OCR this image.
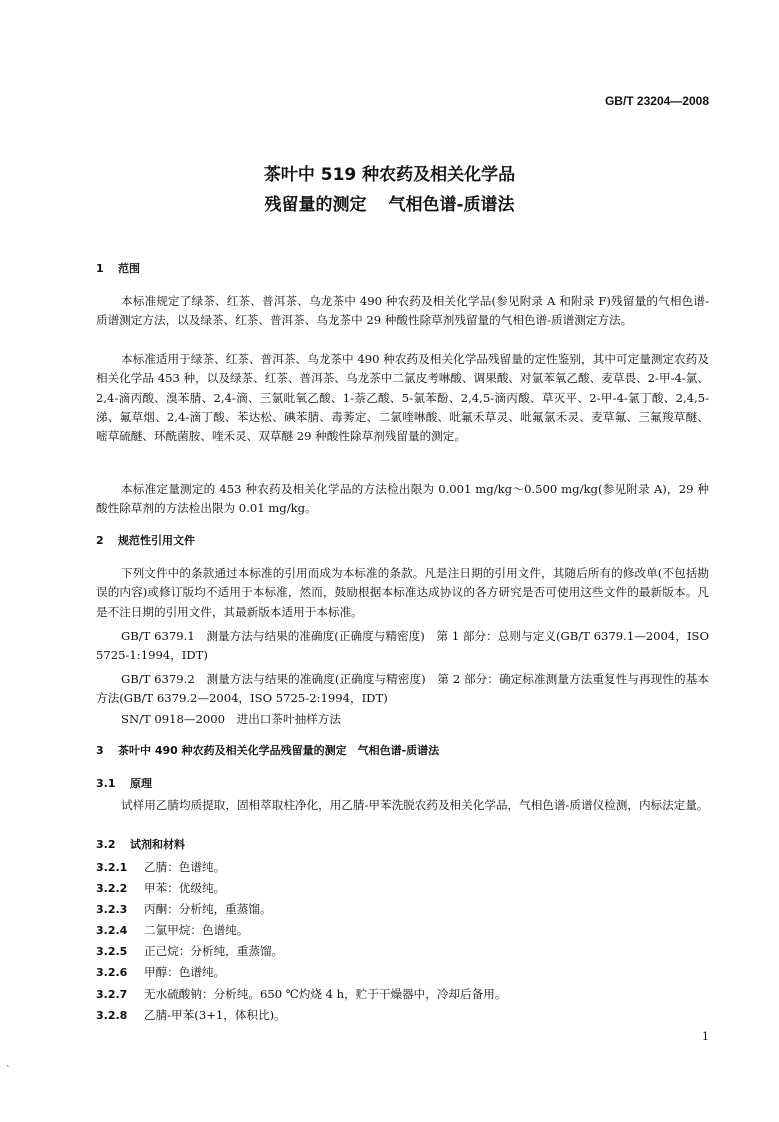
GB/T 23204—2008
茶叶中 519 种农药及相关化学品
残留量的测定 气相色谱-质谱法
1 范围

本标准规定了绿茶、红茶、普洱茶、乌龙茶中 490 种农药及相关化学品(参见附录 A 和附录 F)残留量的气相色谱-质谱测定方法，以及绿茶、红茶、普洱茶、乌龙茶中 29 种酸性除草剂残留量的气相色谱-质谱测定方法。

本标准适用于绿茶、红茶、普洱茶、乌龙茶中 490 种农药及相关化学品残留量的定性鉴别，其中可定量测定农药及相关化学品 453 种，以及绿茶、红茶、普洱茶、乌龙茶中二氯皮考啉酸、调果酸、对氯苯氧乙酸、麦草畏、2-甲-4-氯、2,4-滴丙酸、溴苯腈、2,4-滴、三氯吡氧乙酸、1-萘乙酸、5-氯苯酚、2,4,5-滴丙酸、草灭平、2-甲-4-氯丁酸、2,4,5-涕、氟草烟、2,4-滴丁酸、苯达松、碘苯腈、毒莠定、二氯喹啉酸、吡氟禾草灵、吡氟氯禾灵、麦草氟、三氟羧草醚、嘧草硫醚、环酰菌胺、喹禾灵、双草醚 29 种酸性除草剂残留量的测定。

本标准定量测定的 453 种农药及相关化学品的方法检出限为 0.001 mg/kg～0.500 mg/kg(参见附录 A)，29 种酸性除草剂的方法检出限为 0.01 mg/kg。

2 规范性引用文件

下列文件中的条款通过本标准的引用而成为本标准的条款。凡是注日期的引用文件，其随后所有的修改单(不包括勘误的内容)或修订版均不适用于本标准，然而，鼓励根据本标准达成协议的各方研究是否可使用这些文件的最新版本。凡是不注日期的引用文件，其最新版本适用于本标准。

GB/T 6379.1　测量方法与结果的准确度(正确度与精密度)　第 1 部分：总则与定义(GB/T 6379.1—2004，ISO 5725-1:1994，IDT)

GB/T 6379.2　测量方法与结果的准确度(正确度与精密度)　第 2 部分：确定标准测量方法重复性与再现性的基本方法(GB/T 6379.2—2004，ISO 5725-2:1994，IDT)

SN/T 0918—2000　进出口茶叶抽样方法

3 茶叶中 490 种农药及相关化学品残留量的测定　气相色谱-质谱法
3.1 原理

试样用乙腈均质提取，固相萃取柱净化，用乙腈-甲苯洗脱农药及相关化学品，气相色谱-质谱仪检测，内标法定量。

3.2 试剂和材料
3.2.1 乙腈：色谱纯。
3.2.2 甲苯：优级纯。
3.2.3 丙酮：分析纯，重蒸馏。
3.2.4 二氯甲烷：色谱纯。
3.2.5 正己烷：分析纯，重蒸馏。
3.2.6 甲醇：色谱纯。
3.2.7 无水硫酸钠：分析纯。650 ℃灼烧 4 h，贮于干燥器中，冷却后备用。
3.2.8 乙腈-甲苯(3+1，体积比)。
1
`
